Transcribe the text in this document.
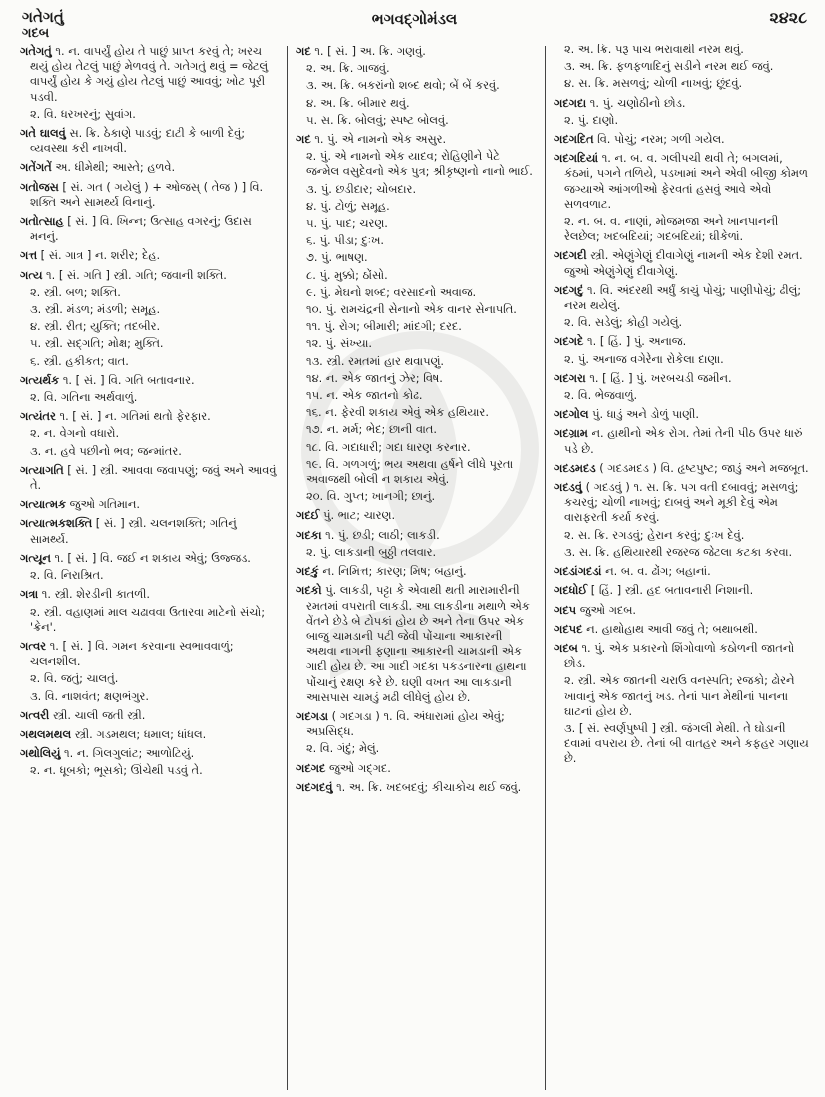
ગતેગતું
ગદબ
ભગવદ્ગોમંડલ	૨૪૨૮
ગતેગતું ૧. ન. વાપર્યું હોય તે પાછું પ્રાપ્ત કરવું તે; ખરચ થયું હોય તેટલું પાછું મેળવવું તે. ગતેગતું થવું = જેટલું વાપર્યું હોય કે ગયું હોય તેટલું પાછું આવવું; ખોટ પૂરી પડવી.
૨. વિ. ધરખરનું; સુવાંગ.
ગતે ઘાલવું સ. ક્રિ. ઠેકાણે પાડવું; દાટી કે બાળી દેવું; વ્યવસ્થા કરી નાખવી.
ગતેંગતેં અ. ધીમેથી; આસ્તે; હળવે.
ગતોજસ [ સં. ગત ( ગયેલું ) + ઓજસ્ ( તેજ ) ] વિ. શક્તિ અને સામર્થ્ય વિનાનું.
ગતોત્સાહ [ સં. ] વિ. ખિન્ન; ઉત્સાહ વગરનું; ઉદાસ મનનું.
ગત્ત [ સં. ગાત્ર ] ન. શરીર; દેહ.
ગત્ય ૧. [ સં. ગતિ ] સ્ત્રી. ગતિ; જવાની શક્તિ.
૨. સ્ત્રી. બળ; શક્તિ.
૩. સ્ત્રી. મંડળ; મંડળી; સમૂહ.
૪. સ્ત્રી. રીત; યુક્તિ; તદબીર.
૫. સ્ત્રી. સદ્ગતિ; મોક્ષ; મુક્તિ.
૬. સ્ત્રી. હકીકત; વાત.
ગત્યર્થક ૧. [ સં. ] વિ. ગતિ બતાવનાર.
૨. વિ. ગતિના અર્થવાળું.
ગત્યંતર ૧. [ સં. ] ન. ગતિમાં થતો ફેરફાર.
૨. ન. વેગનો વધારો.
૩. ન. હવે પછીનો ભવ; જન્માંતર.
ગત્યાગતિ [ સં. ] સ્ત્રી. આવવા જવાપણું; જવું અને આવવું તે.
ગત્યાત્મક જુઓ ગતિમાન.
ગત્યાત્મકશક્તિ [ સં. ] સ્ત્રી. ચલનશક્તિ; ગતિનું સામર્થ્ય.
ગત્યૂન ૧. [ સં. ] વિ. જઈ ન શકાય એવું; ઉજ્જડ.
૨. વિ. નિરાશ્રિત.
ગત્રા ૧. સ્ત્રી. શેરડીની કાતળી.
૨. સ્ત્રી. વહાણમાં માલ ચઢાવવા ઉતારવા માટેનો સંચો; 'ક્રેન'.
ગત્વર ૧. [ સં. ] વિ. ગમન કરવાના સ્વભાવવાળું; ચલનશીલ.
૨. વિ. જતું; ચાલતું.
૩. વિ. નાશવંત; ક્ષણભંગુર.
ગત્વરી સ્ત્રી. ચાલી જતી સ્ત્રી.
ગથલમથલ સ્ત્રી. ગડમથલ; ધમાલ; ધાંધલ.
ગથોલિયું ૧. ન. ગિલગુલાંટ; આળોટિયું.
૨. ન. ધૂબકો; ભૂસકો; ઊંચેથી પડવું તે.
ગદ ૧. [ સં. ] અ. ક્રિ. ગણવું.
૨. અ. ક્રિ. ગાજવું.
૩. અ. ક્રિ. બકરાંનો શબ્દ થવો; બેં બેં કરવું.
૪. અ. ક્રિ. બીમાર થવું.
૫. સ. ક્રિ. બોલવું; સ્પષ્ટ બોલવું.
ગદ ૧. પું. એ નામનો એક અસુર.
૨. પું. એ નામનો એક યાદવ; રોહિણીને પેટે જન્મેલ વસુદેવનો એક પુત્ર; શ્રીકૃષ્ણનો નાનો ભાઈ.
૩. પું. છડીદાર; ચોબદાર.
૪. પું. ટોળું; સમૂહ.
૫. પું. પાદ; ચરણ.
૬. પું. પીડા; દુઃખ.
૭. પું. ભાષણ.
૮. પું. મુક્કો; ઠોંસો.
૯. પું. મેઘનો શબ્દ; વરસાદનો અવાજ.
૧૦. પું. રામચંદ્રની સેનાનો એક વાનર સેનાપતિ.
૧૧. પું. રોગ; બીમારી; માંદગી; દરદ.
૧૨. પું. સંખ્યા.
૧૩. સ્ત્રી. રમતમાં હાર થવાપણું.
૧૪. ન. એક જાતનું ઝેર; વિષ.
૧૫. ન. એક જાતનો કોઢ.
૧૬. ન. ફેરવી શકાય એવું એક હથિયાર.
૧૭. ન. મર્મ; ભેદ; છાની વાત.
૧૮. વિ. ગદાધારી; ગદા ધારણ કરનાર.
૧૯. વિ. ગળગળું; ભય અથવા હર્ષને લીધે પૂરતા અવાજથી બોલી ન શકાય એવું.
૨૦. વિ. ગુપ્ત; ખાનગી; છાનું.
ગદઈ પું. ભાટ; ચારણ.
ગદકા ૧. પું. છડી; લાઠી; લાકડી.
૨. પું. લાકડાની બુઠ્ઠી તલવાર.
ગદકું ન. નિમિત્ત; કારણ; મિષ; બહાનું.
ગદકો પું. લાકડી, પટ્ટા કે એવાથી થતી મારામારીની રમતમાં વપરાતી લાકડી. આ લાકડીના મથાળે એક વેંતને છેડે બે ટોપકાં હોય છે અને તેના ઉપર એક બાજુ ચામડાની પટી જેવી પોંચાના આકારની અથવા નાગની ફણાના આકારની ચામડાની એક ગાદી હોય છે. આ ગાદી ગદકા પકડનારના હાથના પોંચાનું રક્ષણ કરે છે. ઘણી વખત આ લાકડાની આસપાસ ચામડું મઢી લીધેલું હોય છે.
ગદગડા ( ગદગડા ) ૧. વિ. અંધારામાં હોય એવું; અપ્રસિદ્ધ.
૨. વિ. ગંદું; મેલું.
ગદગદ જુઓ ગદ્ગદ.
ગદગદવું ૧. અ. ક્રિ. ખદબદવું; કીચાકોચ થઈ જવું.
૨. અ. ક્રિ. પરૂ પાચ ભરાવાથી નરમ થવું.
૩. અ. ક્રિ. ફળફળાદિનું સડીને નરમ થઈ જવું.
૪. સ. ક્રિ. મસળવું; ચોળી નાખવું; છૂંદવું.
ગદગદા ૧. પું. ચણોઠીનો છોડ.
૨. પું. દાણો.
ગદગદિત વિ. પોચું; નરમ; ગળી ગયેલ.
ગદગદિયાં ૧. ન. બ. વ. ગલીપચી થવી તે; બગલમાં, કંઠમાં, પગને તળિયે, પડખામાં અને એવી બીજી કોમળ જગ્યાએ આંગળીઓ ફેરવતાં હસવું આવે એવો સળવળાટ.
૨. ન. બ. વ. નાણાં, મોજમજા અને ખાનપાનની રેલછેલ; ખદબદિયાં; ગદબદિયાં; ઘીકેળાં.
ગદગદી સ્ત્રી. એણુંગેણું દીવાગેણું નામની એક દેશી રમત. જુઓ એણુંગેણું દીવાગેણું.
ગદગદું ૧. વિ. અંદરથી અર્ધું કાચું પોચું; પાણીપોચું; ઢીલું; નરમ થયેલું.
૨. વિ. સડેલું; કોહી ગયેલું.
ગદગદે ૧. [ હિં. ] પું. અનાજ.
૨. પું. અનાજ વગેરેના રોકેલા દાણા.
ગદગરા ૧. [ હિં. ] પું. ખરબચડી જમીન.
૨. વિ. ભેજવાળું.
ગદગોલ પું. ધાડું અને ડોળું પાણી.
ગદગ્રામ ન. હાથીનો એક રોગ. તેમાં તેની પીઠ ઉપર ધારું પડે છે.
ગદડમદડ ( ગદડમદડ ) વિ. હૃષ્ટપુષ્ટ; જાડું અને મજબૂત.
ગદડવું ( ગદડવું ) ૧. સ. ક્રિ. પગ વતી દબાવવું; મસળવું; કચરવું; ચોળી નાખવું; દાબવું અને મૂકી દેવું એમ વારાફરતી કર્યા કરવું.
૨. સ. ક્રિ. રગડવું; હેરાન કરવું; દુઃખ દેવું.
૩. સ. ક્રિ. હથિયારથી રજરજ જેટલા કટકા કરવા.
ગદડાંગદડાં ન. બ. વ. ઢોંગ; બહાનાં.
ગદધોઈ [ હિં. ] સ્ત્રી. હદ બતાવનારી નિશાની.
ગદપ જુઓ ગદબ.
ગદપદ ન. હાથોહાથ આવી જવું તે; બથાબથી.
ગદબ ૧. પું. એક પ્રકારનો શિંગોવાળો કઠોળની જાતનો છોડ.
૨. સ્ત્રી. એક જાતની ચરાઉ વનસ્પતિ; રજકો; ઢોરને ખાવાનું એક જાતનું ખડ. તેનાં પાન મેથીનાં પાનના ઘાટનાં હોય છે.
૩. [ સં. સ્વર્ણપુષ્પી ] સ્ત્રી. જંગલી મેથી. તે ઘોડાની દવામાં વપરાય છે. તેનાં બી વાતહર અને કફહર ગણાય છે.
